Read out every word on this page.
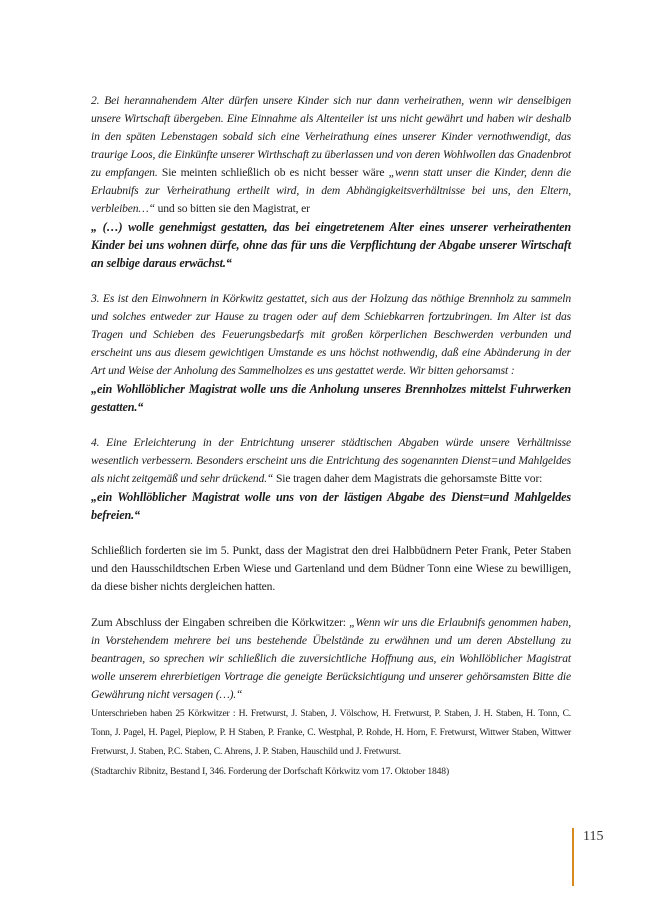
2. Bei herannahendem Alter dürfen unsere Kinder sich nur dann verheirathen, wenn wir denselbigen unsere Wirtschaft übergeben. Eine Einnahme als Altenteiler ist uns nicht gewährt und haben wir deshalb in den späten Lebenstagen sobald sich eine Verheirathung eines unserer Kinder vernothwendigt, das traurige Loos, die Einkünfte unserer Wirthschaft zu überlassen und von deren Wohlwollen das Gnadenbrot zu empfangen. Sie meinten schließlich ob es nicht besser wäre „wenn statt unser die Kinder, denn die Erlaubnifs zur Verheirathung ertheilt wird, in dem Abhängigkeitsverhältnisse bei uns, den Eltern, verbleiben…“ und so bitten sie den Magistrat, er

„ (…) wolle genehmigst gestatten, das bei eingetretenem Alter eines unserer verheirathenten Kinder bei uns wohnen dürfe, ohne das für uns die Verpflichtung der Abgabe unserer Wirtschaft an selbige daraus erwächst.“

3. Es ist den Einwohnern in Körkwitz gestattet, sich aus der Holzung das nöthige Brennholz zu sammeln und solches entweder zur Hause zu tragen oder auf dem Schiebkarren fortzubringen. Im Alter ist das Tragen und Schieben des Feuerungsbedarfs mit großen körperlichen Beschwerden verbunden und erscheint uns aus diesem gewichtigen Umstande es uns höchst nothwendig, daß eine Abänderung in der Art und Weise der Anholung des Sammelholzes es uns gestattet werde. Wir bitten gehorsamst :

„ein Wohllöblicher Magistrat wolle uns die Anholung unseres Brennholzes mittelst Fuhrwerken gestatten.“

4. Eine Erleichterung in der Entrichtung unserer städtischen Abgaben würde unsere Verhältnisse wesentlich verbessern. Besonders erscheint uns die Entrichtung des sogenannten Dienst=und Mahlgeldes als nicht zeitgemäß und sehr drückend.“ Sie tragen daher dem Magistrats die gehorsamste Bitte vor:

„ein Wohllöblicher Magistrat wolle uns von der lästigen Abgabe des Dienst=und Mahlgeldes befreien.“

Schließlich forderten sie im 5. Punkt, dass der Magistrat den drei Halbbüdnern Peter Frank, Peter Staben und den Hausschildtschen Erben Wiese und Gartenland und dem Büdner Tonn eine Wiese zu bewilligen, da diese bisher nichts dergleichen hatten.

Zum Abschluss der Eingaben schreiben die Körkwitzer: „Wenn wir uns die Erlaubnifs genommen haben, in Vorstehendem mehrere bei uns bestehende Übelstände zu erwähnen und um deren Abstellung zu beantragen, so sprechen wir schließlich die zuversichtliche Hoffnung aus, ein Wohllöblicher Magistrat wolle unserem ehrerbietigen Vortrage die geneigte Berücksichtigung und unserer gehörsamsten Bitte die Gewährung nicht versagen (…).“

Unterschrieben haben 25 Körkwitzer : H. Fretwurst, J. Staben, J. Völschow, H. Fretwurst, P. Staben, J. H. Staben, H. Tonn, C. Tonn, J. Pagel, H. Pagel, Pieplow, P. H Staben, P. Franke, C. Westphal, P. Rohde, H. Horn, F. Fretwurst, Wittwer Staben, Wittwer Fretwurst, J. Staben, P.C. Staben, C. Ahrens, J. P. Staben, Hauschild und J. Fretwurst.

(Stadtarchiv Ribnitz, Bestand I, 346. Forderung der Dorfschaft Körkwitz vom 17. Oktober 1848)

115
